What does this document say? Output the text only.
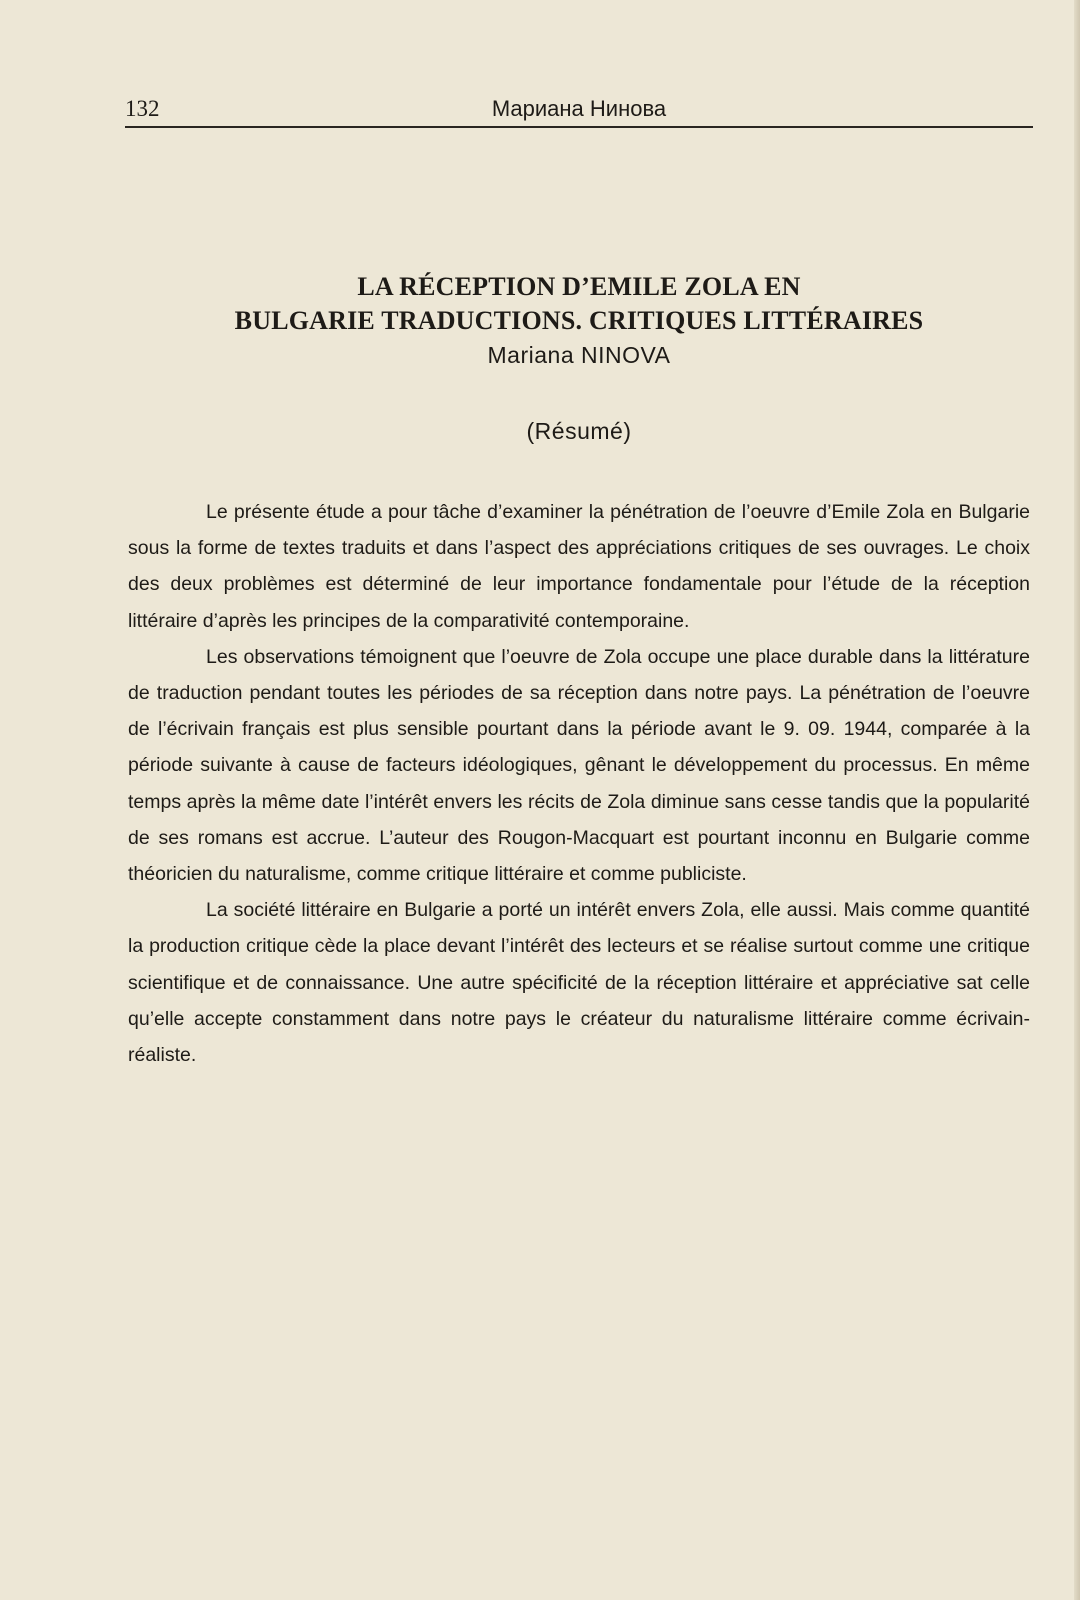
132	Мариана Нинова
LA RÉCEPTION D’EMILE ZOLA EN
BULGARIE TRADUCTIONS. CRITIQUES LITTÉRAIRES
Mariana NINOVA
(Résumé)

Le présente étude a pour tâche d’examiner la pénétration de l’oeuvre d’Emile Zola en Bulgarie sous la forme de textes traduits et dans l’aspect des appréciations critiques de ses ouvrages. Le choix des deux problèmes est déterminé de leur importance fondamentale pour l’étude de la réception littéraire d’après les principes de la comparativité contemporaine.

Les observations témoignent que l’oeuvre de Zola occupe une place durable dans la littérature de traduction pendant toutes les périodes de sa réception dans notre pays. La pénétration de l’oeuvre de l’écrivain français est plus sensible pourtant dans la période avant le 9. 09. 1944, comparée à la période suivante à cause de facteurs idéologiques, gênant le développement du processus. En même temps après la même date l’intérêt envers les récits de Zola diminue sans cesse tandis que la popularité de ses romans est accrue. L’auteur des Rougon-Macquart est pourtant inconnu en Bulgarie comme théoricien du naturalisme, comme critique littéraire et comme publiciste.

La société littéraire en Bulgarie a porté un intérêt envers Zola, elle aussi. Mais comme quantité la production critique cède la place devant l’intérêt des lecteurs et se réalise surtout comme une critique scientifique et de connaissance. Une autre spécificité de la réception littéraire et appréciative sat celle qu’elle accepte constamment dans notre pays le créateur du naturalisme littéraire comme écrivain-réaliste.
